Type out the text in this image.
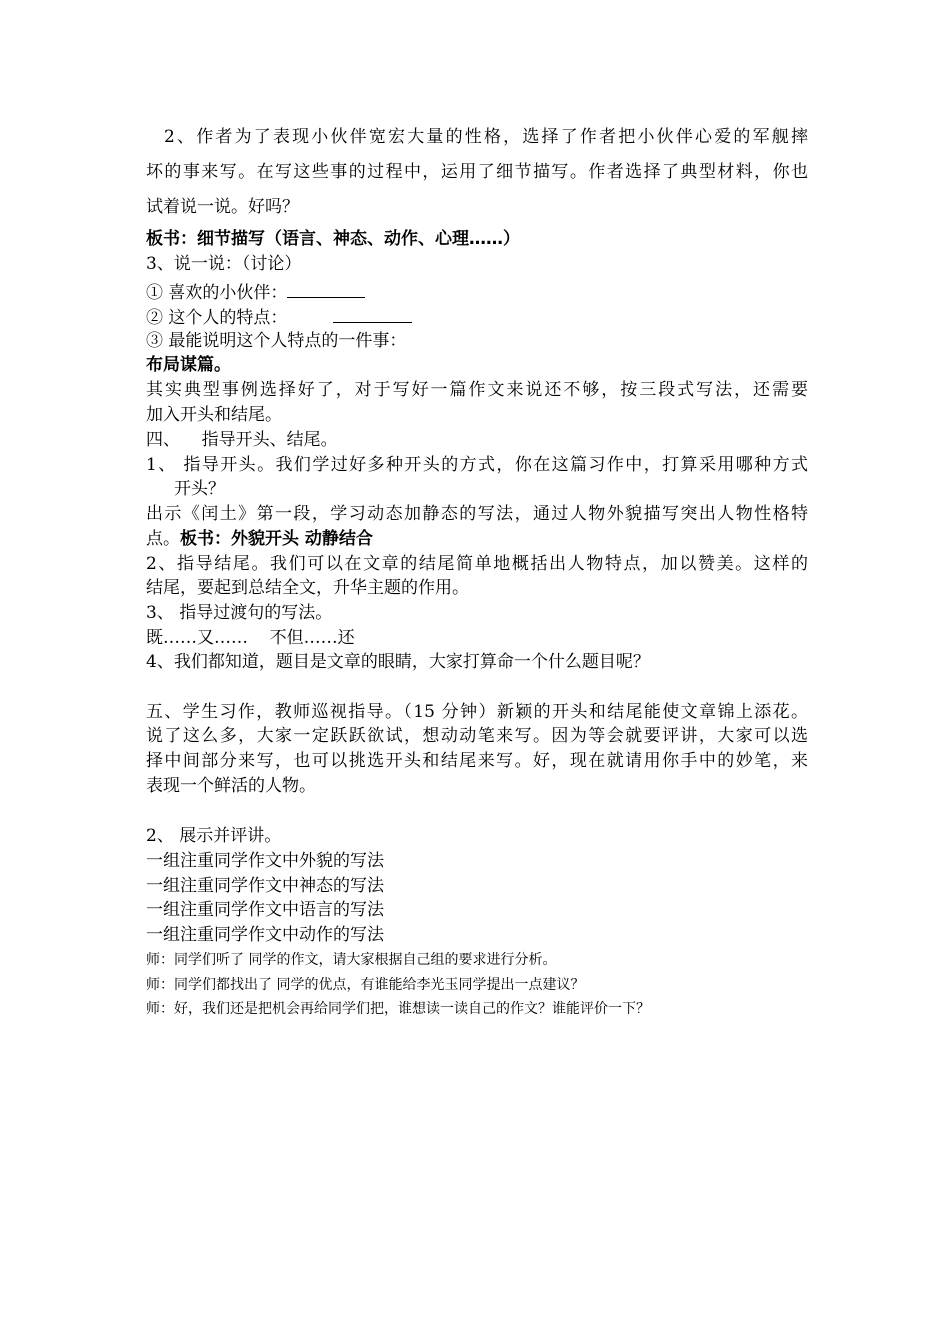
2、作者为了表现小伙伴宽宏大量的性格，选择了作者把小伙伴心爱的军舰摔
坏的事来写。在写这些事的过程中，运用了细节描写。作者选择了典型材料，你也
试着说一说。好吗？
板书：细节描写（语言、神态、动作、心理……）
3、说一说：（讨论）
① 喜欢的小伙伴：
② 这个人的特点：
③ 最能说明这个人特点的一件事：
布局谋篇。
其实典型事例选择好了，对于写好一篇作文来说还不够，按三段式写法，还需要
加入开头和结尾。
四、    指导开头、结尾。
1、 指导开头。我们学过好多种开头的方式，你在这篇习作中，打算采用哪种方式
开头？
出示《闰土》第一段，学习动态加静态的写法，通过人物外貌描写突出人物性格特
点。板书：外貌开头 动静结合
2、指导结尾。我们可以在文章的结尾简单地概括出人物特点，加以赞美。这样的
结尾，要起到总结全文，升华主题的作用。
3、 指导过渡句的写法。
既……又……    不但……还
4、我们都知道，题目是文章的眼睛，大家打算命一个什么题目呢？
五、学生习作，教师巡视指导。（15 分钟）新颖的开头和结尾能使文章锦上添花。
说了这么多，大家一定跃跃欲试，想动动笔来写。因为等会就要评讲，大家可以选
择中间部分来写，也可以挑选开头和结尾来写。好，现在就请用你手中的妙笔，来
表现一个鲜活的人物。
2、 展示并评讲。
一组注重同学作文中外貌的写法
一组注重同学作文中神态的写法
一组注重同学作文中语言的写法
一组注重同学作文中动作的写法
师：同学们听了 同学的作文，请大家根据自己组的要求进行分析。
师：同学们都找出了 同学的优点，有谁能给李光玉同学提出一点建议？
师：好，我们还是把机会再给同学们把，谁想读一读自己的作文？谁能评价一下？
